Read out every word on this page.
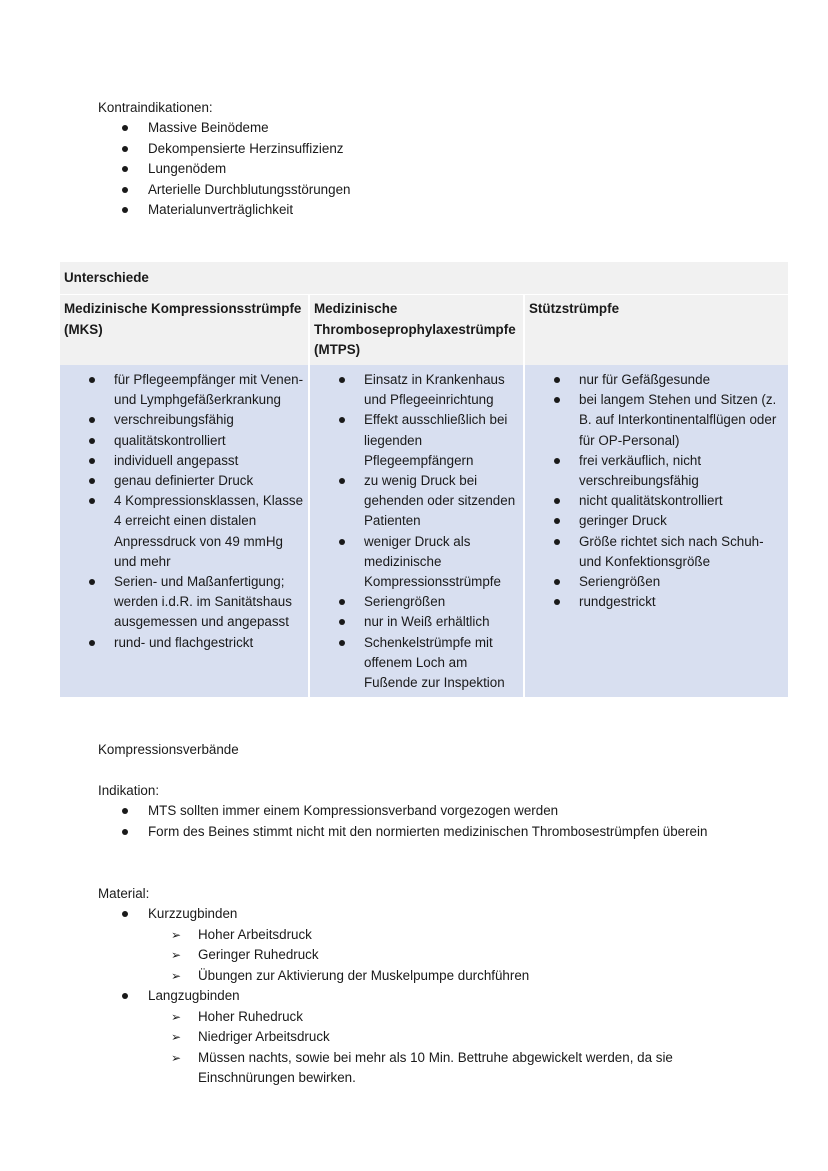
Kontraindikationen:
Massive Beinödeme
Dekompensierte Herzinsuffizienz
Lungenödem
Arterielle Durchblutungsstörungen
Materialunverträglichkeit
Unterschiede
Medizinische Kompressionsstrümpfe (MKS)
Medizinische Thromboseprophylaxestrümpfe (MTPS)
Stützstrümpfe
für Pflegeempfänger mit Venen- und Lymphgefäßerkrankung
verschreibungsfähig
qualitätskontrolliert
individuell angepasst
genau definierter Druck
4 Kompressionsklassen, Klasse 4 erreicht einen distalen Anpressdruck von 49 mmHg und mehr
Serien- und Maßanfertigung; werden i.d.R. im Sanitätshaus ausgemessen und angepasst
rund- und flachgestrickt
Einsatz in Krankenhaus und Pflegeeinrichtung
Effekt ausschließlich bei liegenden Pflegeempfängern
zu wenig Druck bei gehenden oder sitzenden Patienten
weniger Druck als medizinische Kompressionsstrümpfe
Seriengrößen
nur in Weiß erhältlich
Schenkelstrümpfe mit offenem Loch am Fußende zur Inspektion
nur für Gefäßgesunde
bei langem Stehen und Sitzen (z. B. auf Interkontinentalflügen oder für OP-Personal)
frei verkäuflich, nicht verschreibungsfähig
nicht qualitätskontrolliert
geringer Druck
Größe richtet sich nach Schuh- und Konfektionsgröße
Seriengrößen
rundgestrickt
Kompressionsverbände
Indikation:
MTS sollten immer einem Kompressionsverband vorgezogen werden
Form des Beines stimmt nicht mit den normierten medizinischen Thrombosestrümpfen überein
Material:
Kurzzugbinden
➢ Hoher Arbeitsdruck
➢ Geringer Ruhedruck
➢ Übungen zur Aktivierung der Muskelpumpe durchführen
Langzugbinden
➢ Hoher Ruhedruck
➢ Niedriger Arbeitsdruck
➢ Müssen nachts, sowie bei mehr als 10 Min. Bettruhe abgewickelt werden, da sie Einschnürungen bewirken.
